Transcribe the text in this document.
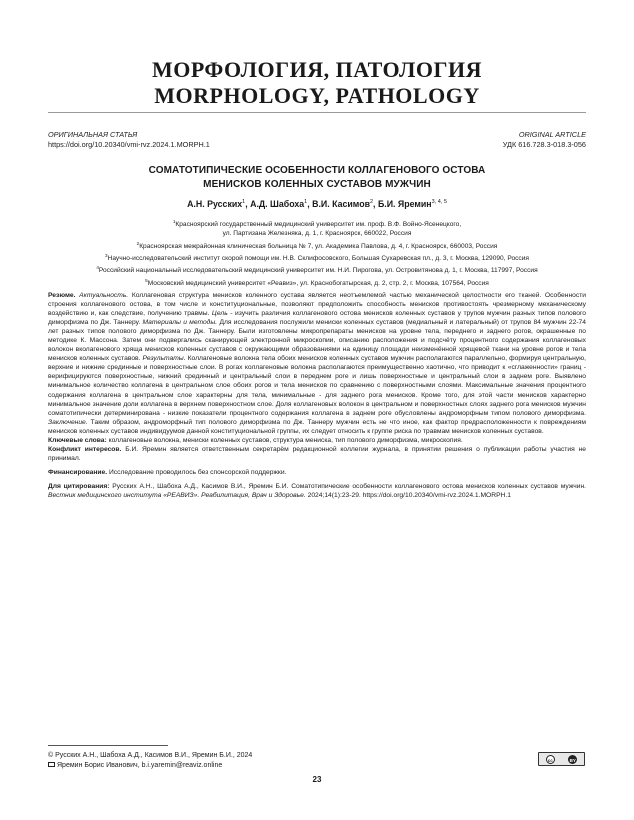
МОРФОЛОГИЯ, ПАТОЛОГИЯ
MORPHOLOGY, PATHOLOGY
ОРИГИНАЛЬНАЯ СТАТЬЯ
https://doi.org/10.20340/vmi-rvz.2024.1.MORPH.1
ORIGINAL ARTICLE
УДК 616.728.3-018.3-056
СОМАТОТИПИЧЕСКИЕ ОСОБЕННОСТИ КОЛЛАГЕНОВОГО ОСТОВА
МЕНИСКОВ КОЛЕННЫХ СУСТАВОВ МУЖЧИН
А.Н. Русских$^1$, А.Д. Шабоха$^1$, В.И. Касимов$^2$, Б.И. Яремин$^{3, 4, 5}$
$^1$Красноярский государственный медицинский университет им. проф. В.Ф. Войно-Ясенецкого,
ул. Партизана Железняка, д. 1, г. Красноярск, 660022, Россия
$^2$Красноярская межрайонная клиническая больница № 7, ул. Академика Павлова, д. 4, г. Красноярск, 660003, Россия
$^3$Научно-исследовательский институт скорой помощи им. Н.В. Склифосовского, Большая Сухаревская пл., д. 3, г. Москва, 129090, Россия
$^4$Российский национальный исследовательский медицинский университет им. Н.И. Пирогова, ул. Островитянова д. 1, г. Москва, 117997, Россия
$^5$Московский медицинский университет «Реавиз», ул. Краснобогатырская, д. 2, стр. 2, г. Москва, 107564, Россия

Резюме. Актуальность. Коллагеновая структура менисков коленного сустава является неотъемлемой частью механической целостности его тканей. Особенности строения коллагенового остова, в том числе и конституциональные, позволяют предположить способность менисков противостоять чрезмерному механическому воздействию и, как следствие, получению травмы. Цель - изучить различия коллагенового остова менисков коленных суставов у трупов мужчин разных типов полового диморфизма по Дж. Таннеру. Материалы и методы. Для исследования послужили мениски коленных суставов (медиальный и латеральный) от трупов 84 мужчин 22-74 лет разных типов полового диморфизма по Дж. Таннеру. Были изготовлены микропрепараты менисков на уровне тела, переднего и заднего рогов, окрашенные по методике К. Массона. Затем они подвергались сканирующей электронной микроскопии, описанию расположения и подсчёту процентного содержания коллагеновых волокон вколагенового хряща менисков коленных суставов с окружающими образованиями на единицу площади неизменённой хрящевой ткани на уровне рогов и тела менисков коленных суставов. Результаты. Коллагеновые волокна тела обоих менисков коленных суставов мужчин располагаются параллельно, формируя центральную, верхние и нижние срединные и поверхностные слои. В рогах коллагеновые волокна располагаются преимущественно хаотично, что приводит к «сглаженности» границ - верифицируются поверхностные, нижний срединный и центральный слои в переднем роге и лишь поверхностные и центральный слои в заднем роге. Выявлено минимальное количество коллагена в центральном слое обоих рогов и тела менисков по сравнению с поверхностными слоями. Максимальные значения процентного содержания коллагена в центральном слое характерны для тела, минимальные - для заднего рога менисков. Кроме того, для этой части менисков характерно минимальное значение доли коллагена в верхнем поверхностном слое. Доля коллагеновых волокон в центральном и поверхностных слоях заднего рога менисков мужчин соматотипически детерминирована - низкие показатели процентного содержания коллагена в заднем роге обусловлены андроморфным типом полового диморфизма. Заключение. Таким образом, андроморфный тип полового диморфизма по Дж. Таннеру мужчин есть не что иное, как фактор предрасположенности к повреждениям менисков коленных суставов индивидуумов данной конституциональной группы, их следует относить к группе риска по травмам менисков коленных суставов.

Ключевые слова: коллагеновые волокна, мениски коленных суставов, структура мениска, тип полового диморфизма, микроскопия.

Конфликт интересов. Б.И. Яремин является ответственным секретарём редакционной коллегии журнала, в принятии решения о публикации работы участия не принимал.

Финансирование. Исследование проводилось без спонсорской поддержки.

Для цитирования: Русских А.Н., Шабоха А.Д., Касимов В.И., Яремин Б.И. Соматотипические особенности коллагенового остова менисков коленных суставов мужчин. Вестник медицинского института «РЕАВИЗ». Реабилитация, Врач и Здоровье. 2024;14(1):23-29. https://doi.org/10.20340/vmi-rvz.2024.1.MORPH.1

© Русских А.Н., Шабоха А.Д., Касимов В.И., Яремин Б.И., 2024
Яремин Борис Иванович, b.i.yaremin@reaviz.online
cc	BY
23
